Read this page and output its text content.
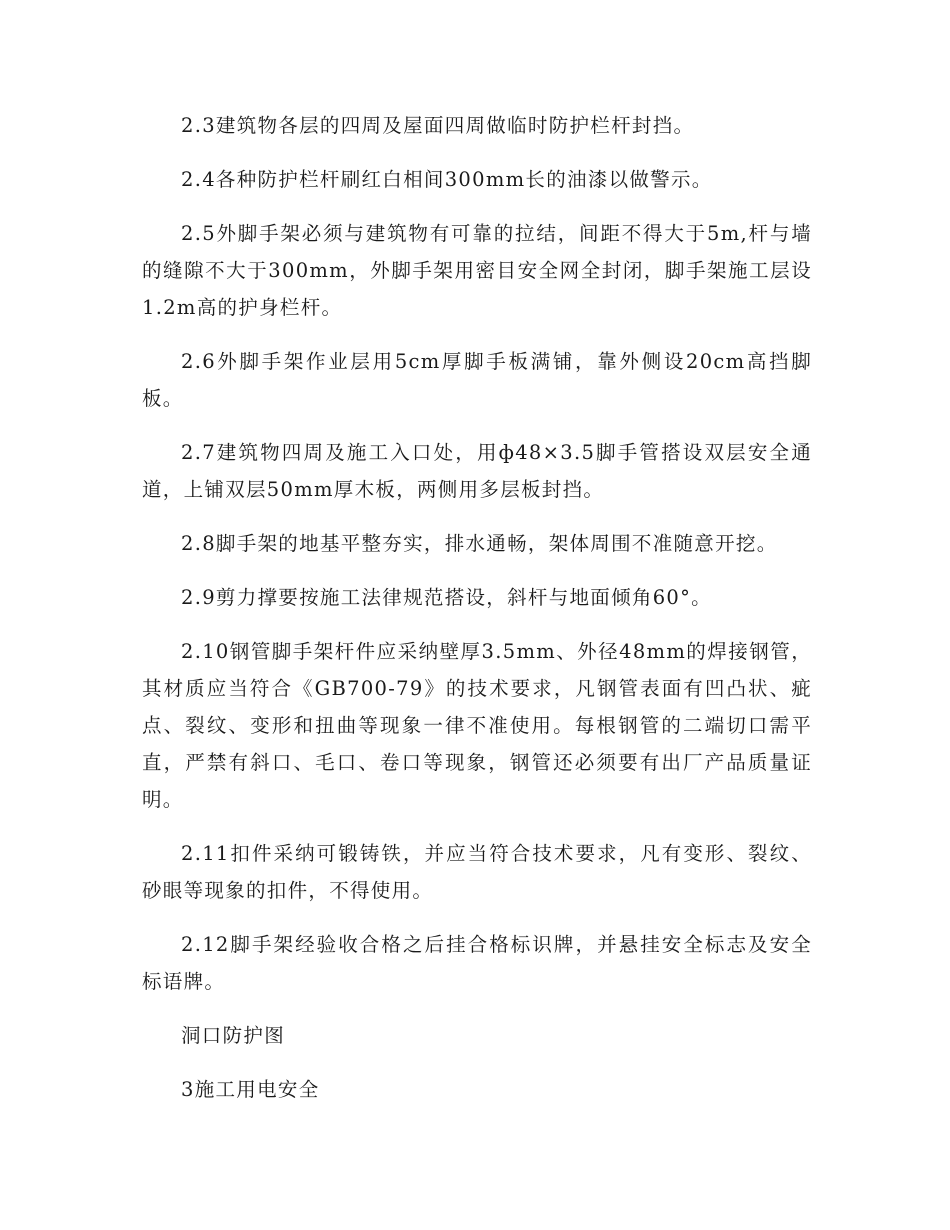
2.3建筑物各层的四周及屋面四周做临时防护栏杆封挡。

2.4各种防护栏杆刷红白相间300mm长的油漆以做警示。

2.5外脚手架必须与建筑物有可靠的拉结，间距不得大于5m,杆与墙的缝隙不大于300mm，外脚手架用密目安全网全封闭，脚手架施工层设1.2m高的护身栏杆。

2.6外脚手架作业层用5cm厚脚手板满铺，靠外侧设20cm高挡脚板。

2.7建筑物四周及施工入口处，用ф48×3.5脚手管搭设双层安全通道，上铺双层50mm厚木板，两侧用多层板封挡。

2.8脚手架的地基平整夯实，排水通畅，架体周围不准随意开挖。

2.9剪力撑要按施工法律规范搭设，斜杆与地面倾角60°。

2.10钢管脚手架杆件应采纳壁厚3.5mm、外径48mm的焊接钢管，其材质应当符合《GB700-79》的技术要求，凡钢管表面有凹凸状、疵点、裂纹、变形和扭曲等现象一律不准使用。每根钢管的二端切口需平直，严禁有斜口、毛口、卷口等现象，钢管还必须要有出厂产品质量证明。

2.11扣件采纳可锻铸铁，并应当符合技术要求，凡有变形、裂纹、砂眼等现象的扣件，不得使用。

2.12脚手架经验收合格之后挂合格标识牌，并悬挂安全标志及安全标语牌。

洞口防护图

3施工用电安全
